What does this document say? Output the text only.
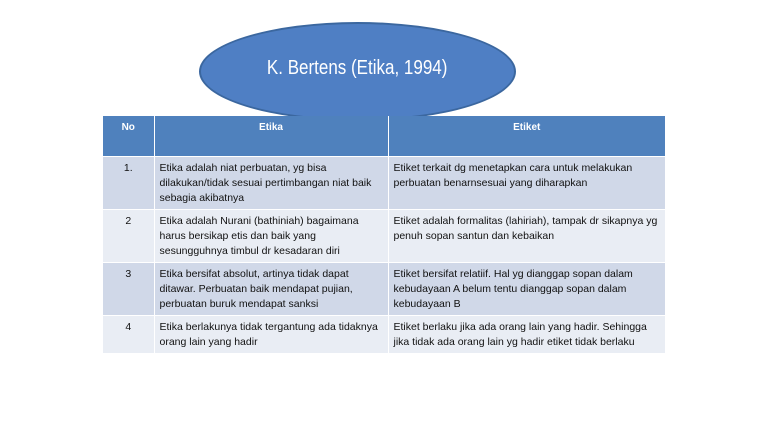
K. Bertens (Etika, 1994)
No	Etika	Etiket
1.	Etika adalah niat perbuatan, yg bisa dilakukan/tidak sesuai pertimbangan niat baik sebagia akibatnya	Etiket terkait dg menetapkan cara untuk melakukan perbuatan benarnsesuai yang diharapkan
2	Etika adalah Nurani (bathiniah) bagaimana harus bersikap etis dan baik yang sesungguhnya timbul dr kesadaran diri	Etiket adalah formalitas (lahiriah), tampak dr sikapnya yg penuh sopan santun dan kebaikan
3	Etika bersifat absolut, artinya tidak dapat ditawar. Perbuatan baik mendapat pujian, perbuatan buruk mendapat sanksi	Etiket bersifat relatiif. Hal yg dianggap sopan dalam kebudayaan A belum tentu dianggap sopan dalam kebudayaan B
4	Etika berlakunya tidak tergantung ada tidaknya orang lain yang hadir	Etiket berlaku jika ada orang lain yang hadir. Sehingga jika tidak ada orang lain yg hadir etiket tidak berlaku
